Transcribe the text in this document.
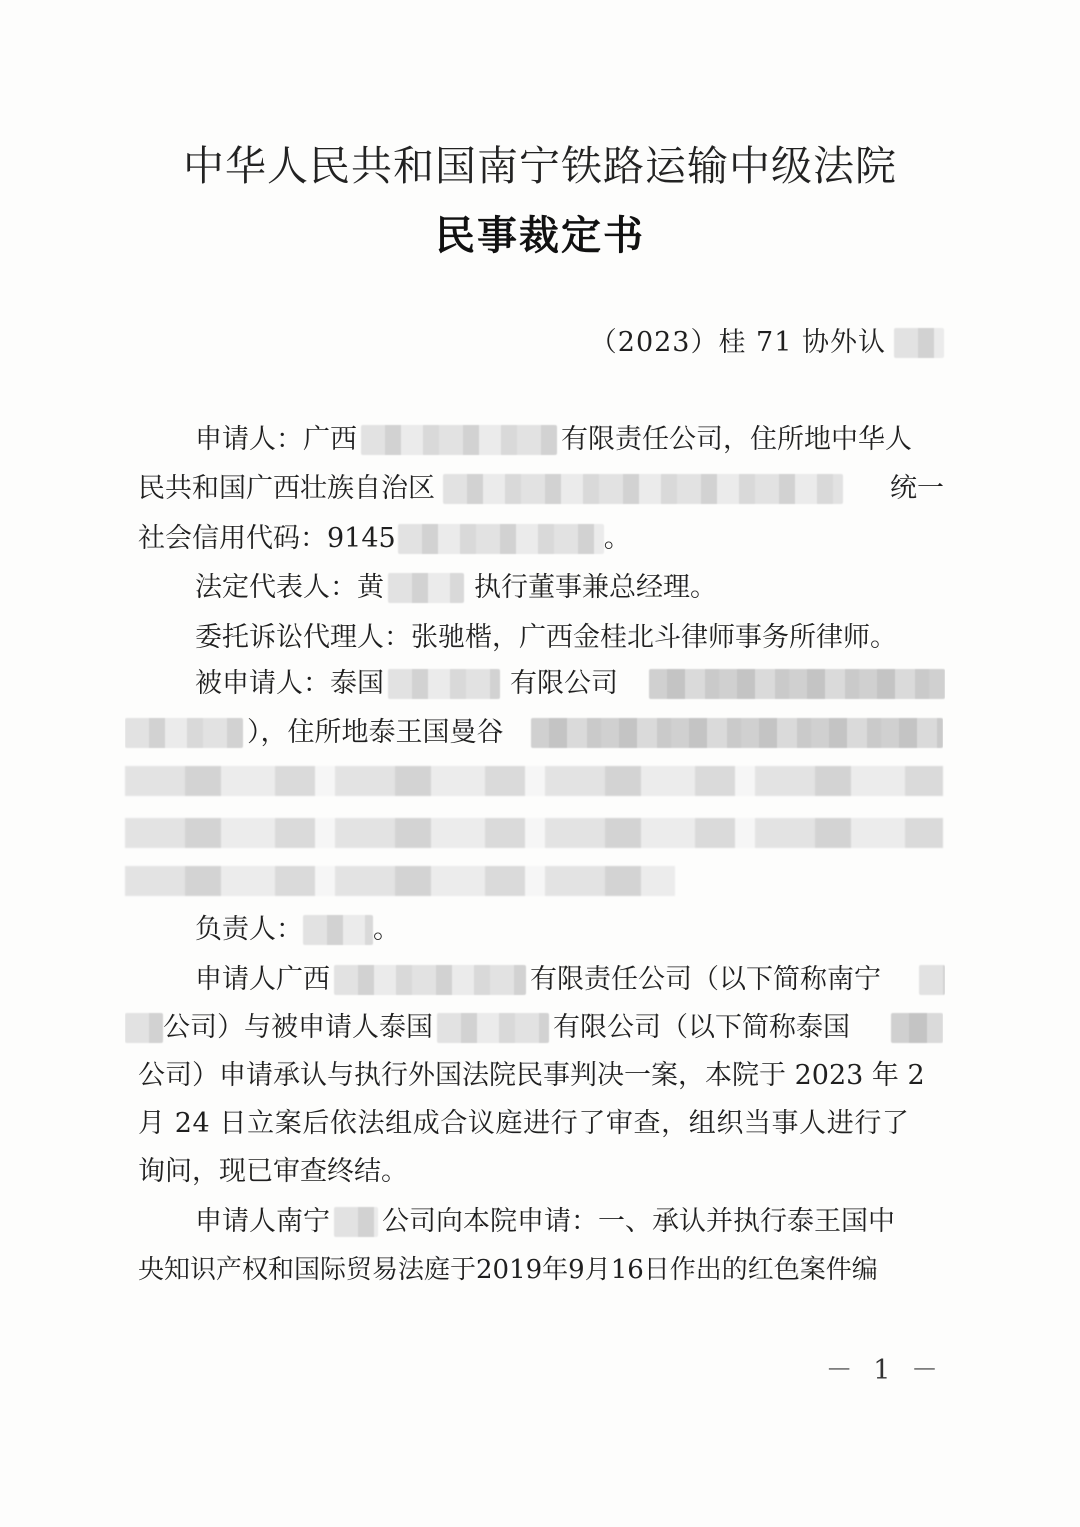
中华人民共和国南宁铁路运输中级法院
民事裁定书
（2023）桂 71 协外认
申请人：广西	有限责任公司，住所地中华人
民共和国广西壮族自治区	统一
社会信用代码：9145	。
法定代表人：黄	执行董事兼总经理。
委托诉讼代理人：张驰楷，广西金桂北斗律师事务所律师。
被申请人：泰国	有限公司
），住所地泰王国曼谷
负责人：	。
申请人广西	有限责任公司（以下简称南宁
公司）与被申请人泰国	有限公司（以下简称泰国
公司）申请承认与执行外国法院民事判决一案，本院于 2023 年 2
月 24 日立案后依法组成合议庭进行了审查，组织当事人进行了
询问，现已审查终结。
申请人南宁 公司向本院申请：一、承认并执行泰王国中
央知识产权和国际贸易法庭于2019年9月16日作出的红色案件编
－ 1 －
